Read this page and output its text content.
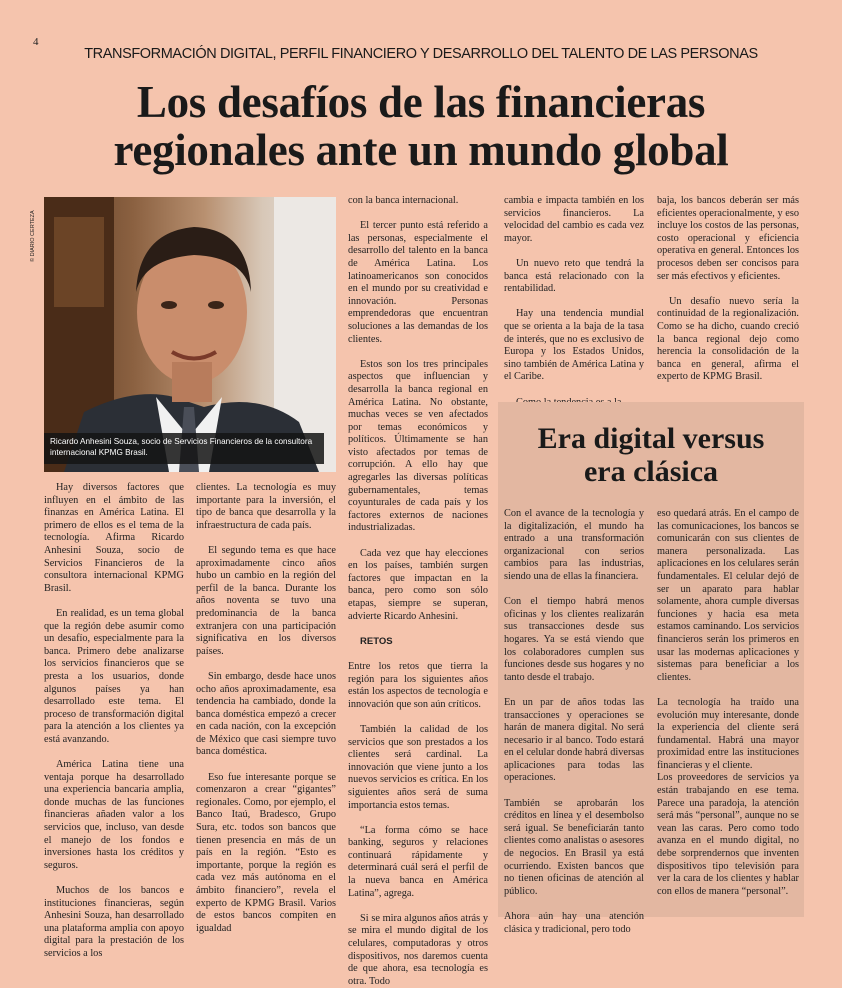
4
TRANSFORMACIÓN DIGITAL, PERFIL FINANCIERO Y DESARROLLO DEL TALENTO DE LAS PERSONAS
Los desafíos de las financieras
regionales ante un mundo global
© DIARIO CERTEZA
Ricardo Anhesini Souza, socio de Servicios Financieros de la consultora
internacional KPMG Brasil.

Hay diversos factores que influyen en el ámbito de las finanzas en América Latina. El primero de ellos es el tema de la tecnología. Afirma Ricardo Anhesini Souza, socio de Servicios Financieros de la consultora internacional KPMG Brasil.

En realidad, es un tema global que la región debe asumir como un desafío, especialmente para la banca. Primero debe analizarse los servicios financieros que se presta a los usuarios, donde algunos países ya han desarrollado este tema. El proceso de transformación digital para la atención a los clientes ya está avanzando.

América Latina tiene una ventaja porque ha desarrollado una experiencia bancaria amplia, donde muchas de las funciones financieras añaden valor a los servicios que, incluso, van desde el manejo de los fondos e inversiones hasta los créditos y seguros.

Muchos de los bancos e instituciones financieras, según Anhesini Souza, han desarrollado una plataforma amplia con apoyo digital para la prestación de los servicios a los

clientes. La tecnología es muy importante para la inversión, el tipo de banca que desarrolla y la infraestructura de cada país.

El segundo tema es que hace aproximadamente cinco años hubo un cambio en la región del perfil de la banca. Durante los años noventa se tuvo una predominancia de la banca extranjera con una participación significativa en los diversos países.

Sin embargo, desde hace unos ocho años aproximadamente, esa tendencia ha cambiado, donde la banca doméstica empezó a crecer en cada nación, con la excepción de México que casi siempre tuvo banca doméstica.

Eso fue interesante porque se comenzaron a crear “gigantes” regionales. Como, por ejemplo, el Banco Itaú, Bradesco, Grupo Sura, etc. todos son bancos que tienen presencia en más de un país en la región. “Esto es importante, porque la región es cada vez más autónoma en el ámbito financiero”, revela el experto de KPMG Brasil. Varios de estos bancos compiten en igualdad

con la banca internacional.

El tercer punto está referido a las personas, especialmente el desarrollo del talento en la banca de América Latina. Los latinoamericanos son conocidos en el mundo por su creatividad e innovación. Personas emprendedoras que encuentran soluciones a las demandas de los clientes.

Estos son los tres principales aspectos que influencian y desarrolla la banca regional en América Latina. No obstante, muchas veces se ven afectados por temas económicos y políticos. Últimamente se han visto afectados por temas de corrupción. A ello hay que agregarles las diversas políticas gubernamentales, temas coyunturales de cada país y los factores externos de naciones industrializadas.

Cada vez que hay elecciones en los países, también surgen factores que impactan en la banca, pero como son sólo etapas, siempre se superan, advierte Ricardo Anhesini.

RETOS

Entre los retos que tierra la región para los siguientes años están los aspectos de tecnología e innovación que son aún críticos.

También la calidad de los servicios que son prestados a los clientes será cardinal. La innovación que viene junto a los nuevos servicios es crítica. En los siguientes años será de suma importancia estos temas.

“La forma cómo se hace banking, seguros y relaciones continuará rápidamente y determinará cuál será el perfil de la nueva banca en América Latina”, agrega.

Si se mira algunos años atrás y se mira el mundo digital de los celulares, computadoras y otros dispositivos, nos daremos cuenta de que ahora, esa tecnología es otra. Todo

cambia e impacta también en los servicios financieros. La velocidad del cambio es cada vez mayor.

Un nuevo reto que tendrá la banca está relacionado con la rentabilidad.

Hay una tendencia mundial que se orienta a la baja de la tasa de interés, que no es exclusivo de Europa y los Estados Unidos, sino también de América Latina y el Caribe.

baja, los bancos deberán ser más eficientes operacionalmente, y eso incluye los costos de las personas, costo operacional y eficiencia operativa en general. Entonces los procesos deben ser concisos para ser más efectivos y eficientes.

Un desafío nuevo sería la continuidad de la regionalización. Como se ha dicho, cuando creció la banca regional dejo como herencia la consolidación de la banca en general, afirma el experto de KPMG Brasil.

Era digital versus
era clásica

Con el avance de la tecnología y la digitalización, el mundo ha entrado a una transformación organizacional con serios cambios para las industrias, siendo una de ellas la financiera.

Con el tiempo habrá menos oficinas y los clientes realizarán sus transacciones desde sus hogares. Ya se está viendo que los colaboradores cumplen sus funciones desde sus hogares y no tanto desde el trabajo.

En un par de años todas las transacciones y operaciones se harán de manera digital. No será necesario ir al banco. Todo estará en el celular donde habrá diversas aplicaciones para todas las operaciones.

También se aprobarán los créditos en línea y el desembolso será igual. Se beneficiarán tanto clientes como analistas o asesores de negocios. En Brasil ya está ocurriendo. Existen bancos que no tienen oficinas de atención al público.

Ahora aún hay una atención clásica y tradicional, pero todo

eso quedará atrás. En el campo de las comunicaciones, los bancos se comunicarán con sus clientes de manera personalizada. Las aplicaciones en los celulares serán fundamentales. El celular dejó de ser un aparato para hablar solamente, ahora cumple diversas funciones y hacia esa meta estamos caminando. Los servicios financieros serán los primeros en usar las modernas aplicaciones y sistemas para beneficiar a los clientes.

La tecnología ha traído una evolución muy interesante, donde la experiencia del cliente será fundamental. Habrá una mayor proximidad entre las instituciones financieras y el cliente.

Los proveedores de servicios ya están trabajando en ese tema. Parece una paradoja, la atención será más “personal”, aunque no se vean las caras. Pero como todo avanza en el mundo digital, no debe sorprendernos que inventen dispositivos tipo televisión para ver la cara de los clientes y hablar con ellos de manera “personal”.
